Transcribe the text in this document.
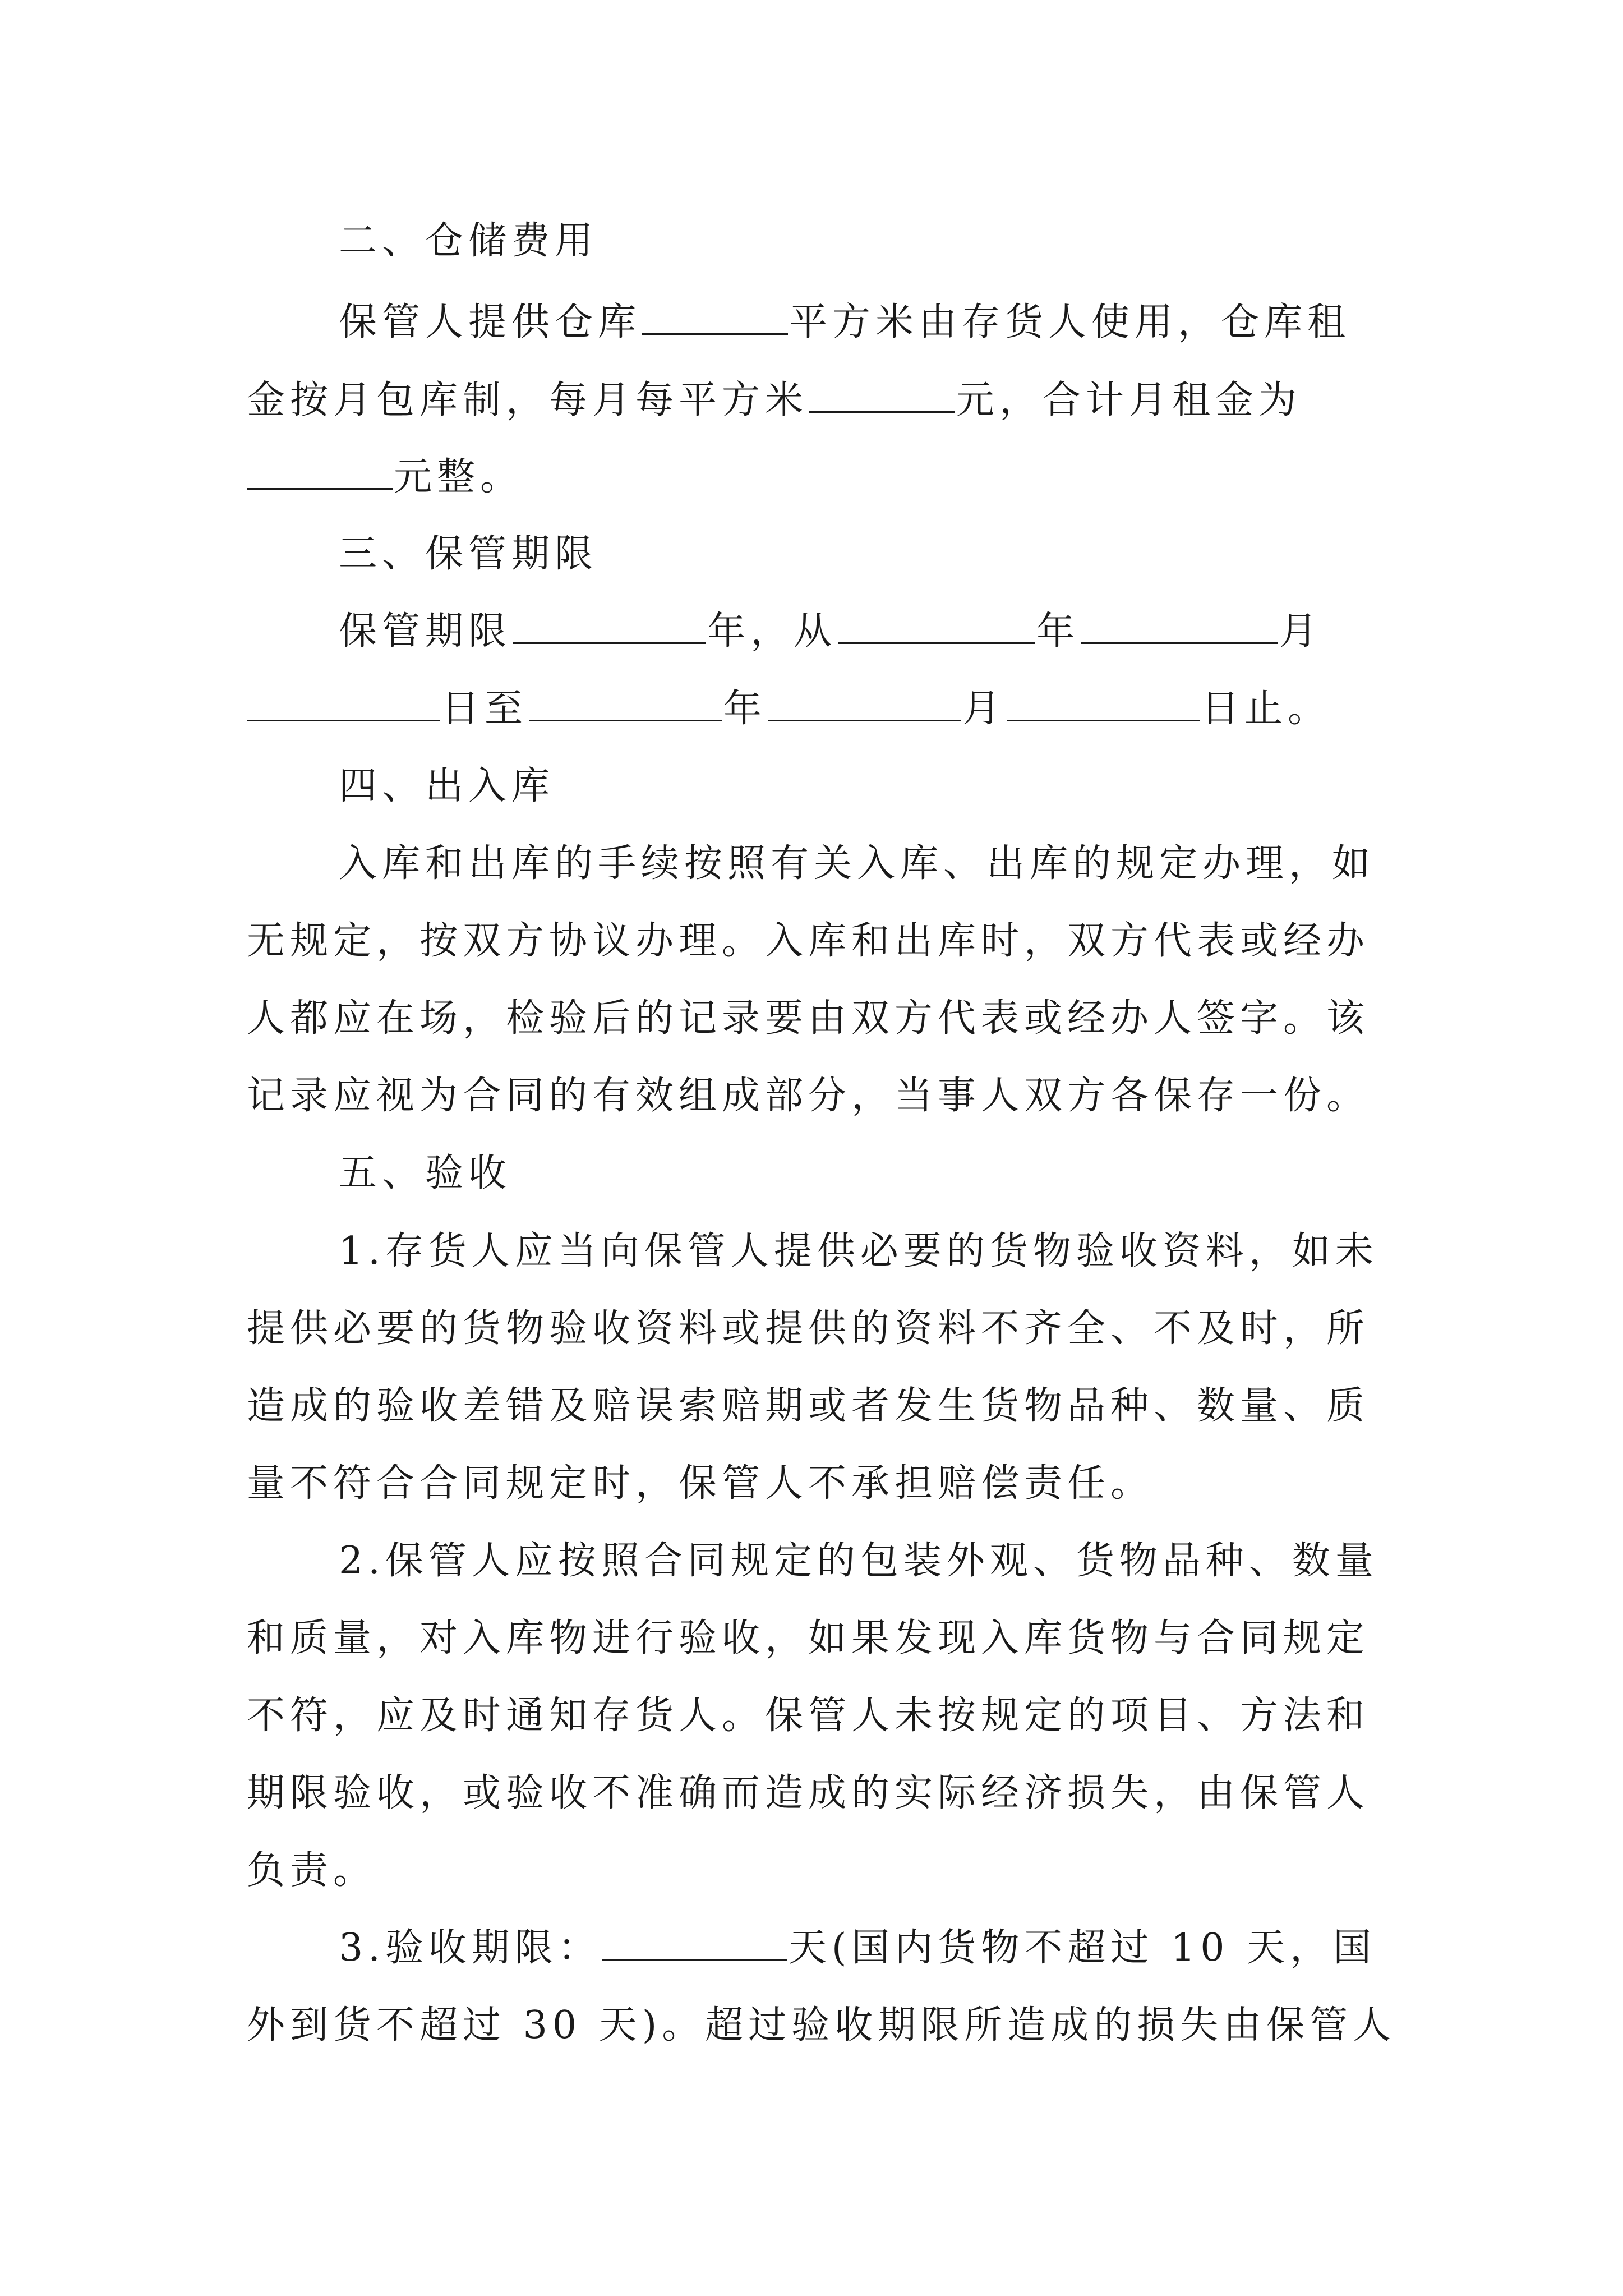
二、仓储费用
保管人提供仓库	平方米由存货人使用，仓库租
金按月包库制，每月每平方米	元，合计月租金为
元整。
三、保管期限
保管期限	年，从	年	月
日至	年	月	日止。
四、出入库
入库和出库的手续按照有关入库、出库的规定办理，如
无规定，按双方协议办理。入库和出库时，双方代表或经办
人都应在场，检验后的记录要由双方代表或经办人签字。该
记录应视为合同的有效组成部分，当事人双方各保存一份。
五、验收
1.存货人应当向保管人提供必要的货物验收资料，如未
提供必要的货物验收资料或提供的资料不齐全、不及时，所
造成的验收差错及赔误索赔期或者发生货物品种、数量、质
量不符合合同规定时，保管人不承担赔偿责任。
2.保管人应按照合同规定的包装外观、货物品种、数量
和质量，对入库物进行验收，如果发现入库货物与合同规定
不符，应及时通知存货人。保管人未按规定的项目、方法和
期限验收，或验收不准确而造成的实际经济损失，由保管人
负责。
3.验收期限：	天(国内货物不超过 10 天，国
外到货不超过 30 天)。超过验收期限所造成的损失由保管人
